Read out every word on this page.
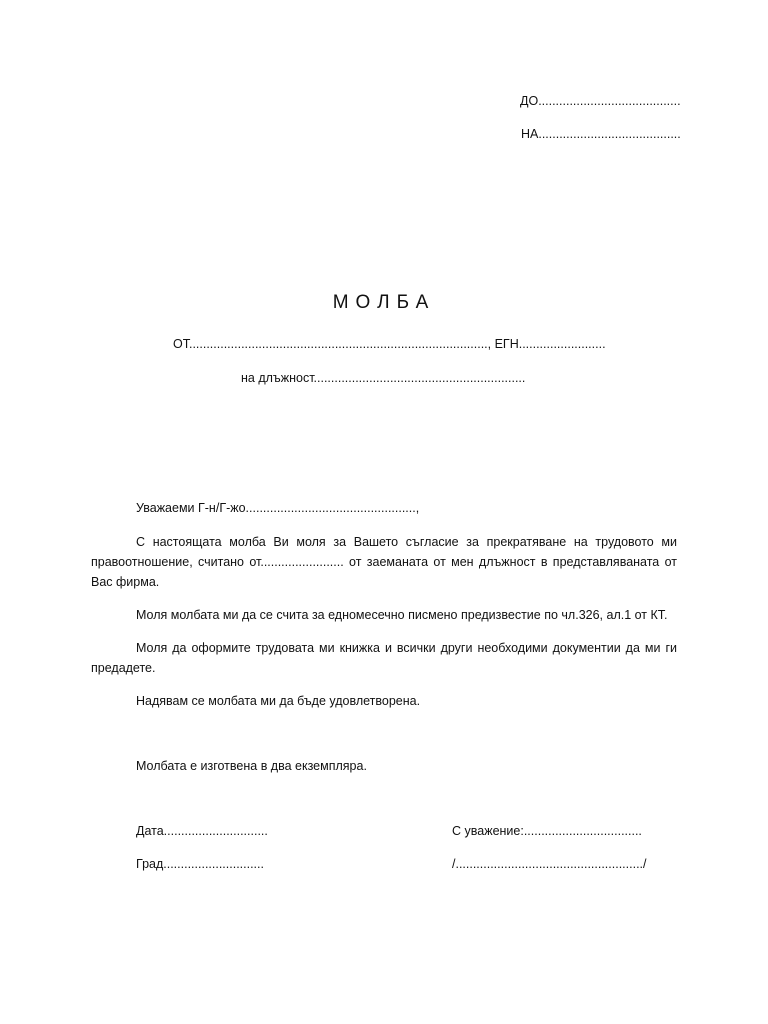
ДО.........................................
НА.........................................
МОЛБА
ОТ......................................................................................, ЕГН.........................
на длъжност.............................................................
Уважаеми Г-н/Г-жо.................................................,
С настоящата молба Ви моля за Вашето съгласие за прекратяване на трудовото ми правоотношение, считано от........................ от заеманата от мен длъжност в представляваната от Вас фирма.
Моля молбата ми да се счита за едномесечно писмено предизвестие по чл.326, ал.1 от КТ.
Моля да оформите трудовата ми книжка и всички други необходими документии да ми ги предадете.
Надявам се молбата ми да бъде удовлетворена.
Молбата е изготвена в два екземпляра.
Дата..............................
Град.............................
С уважение:..................................
/....................................................../
